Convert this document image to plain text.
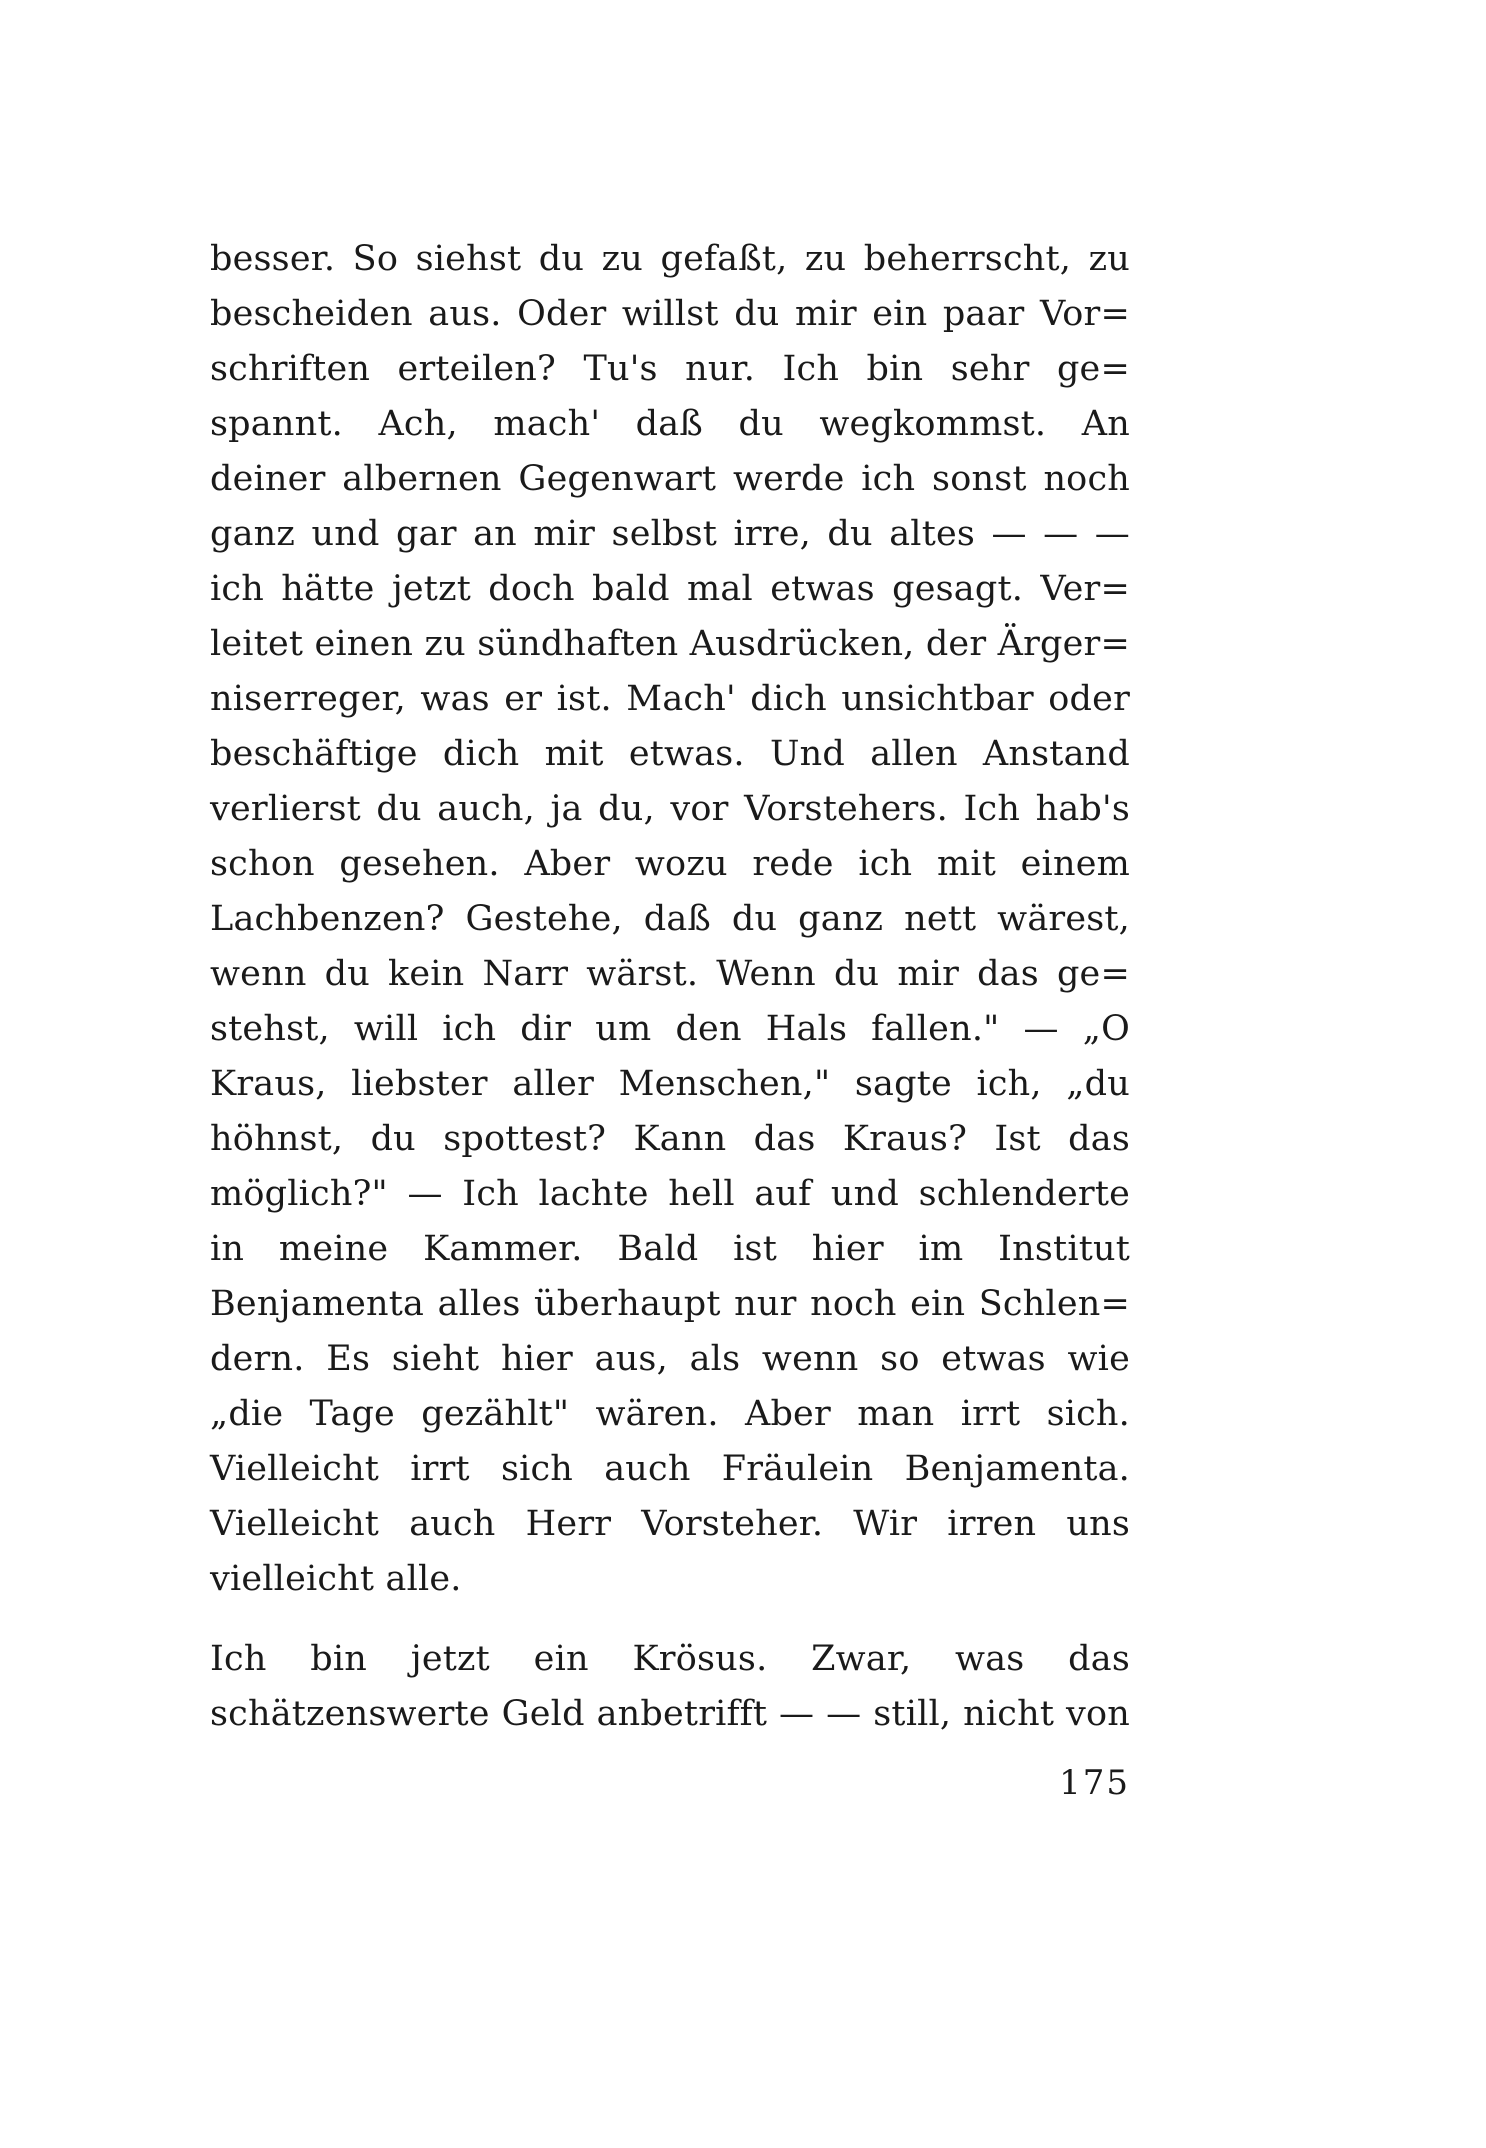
besser. So siehst du zu gefaßt, zu beherrscht, zu
bescheiden aus. Oder willst du mir ein paar Vor=
schriften erteilen? Tu's nur. Ich bin sehr ge=
spannt. Ach, mach' daß du wegkommst. An
deiner albernen Gegenwart werde ich sonst noch
ganz und gar an mir selbst irre, du altes — — —
ich hätte jetzt doch bald mal etwas gesagt. Ver=
leitet einen zu sündhaften Ausdrücken, der Ärger=
niserreger, was er ist. Mach' dich unsichtbar oder
beschäftige dich mit etwas. Und allen Anstand
verlierst du auch, ja du, vor Vorstehers. Ich hab's
schon gesehen. Aber wozu rede ich mit einem
Lachbenzen? Gestehe, daß du ganz nett wärest,
wenn du kein Narr wärst. Wenn du mir das ge=
stehst, will ich dir um den Hals fallen." — „O
Kraus, liebster aller Menschen," sagte ich, „du
höhnst, du spottest? Kann das Kraus? Ist das
möglich?" — Ich lachte hell auf und schlenderte
in meine Kammer. Bald ist hier im Institut
Benjamenta alles überhaupt nur noch ein Schlen=
dern. Es sieht hier aus, als wenn so etwas wie
„die Tage gezählt" wären. Aber man irrt sich.
Vielleicht irrt sich auch Fräulein Benjamenta.
Vielleicht auch Herr Vorsteher. Wir irren uns
vielleicht alle.
Ich bin jetzt ein Krösus. Zwar, was das
schätzenswerte Geld anbetrifft — — still, nicht von
175
